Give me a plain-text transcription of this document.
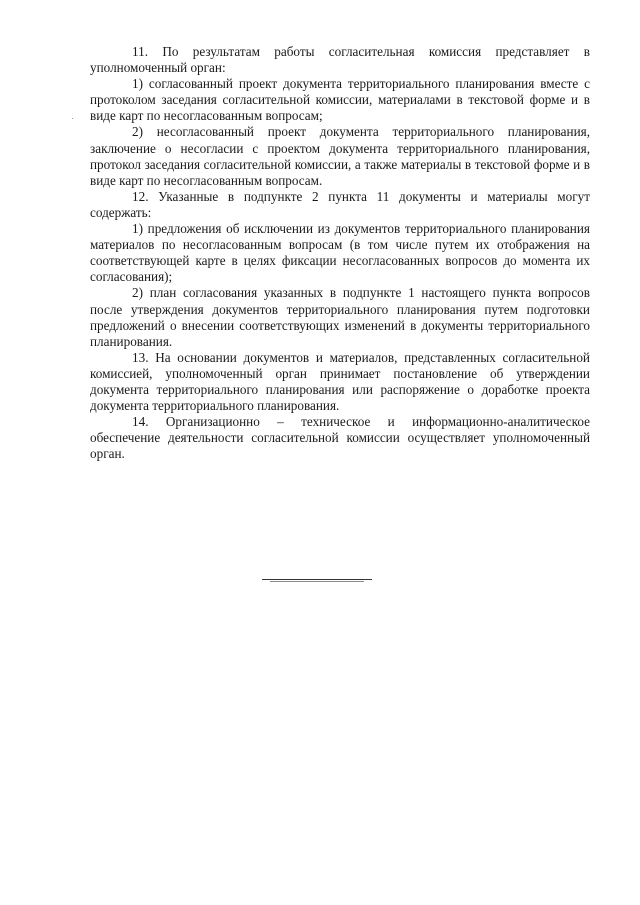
11. По результатам работы согласительная комиссия представляет в уполномоченный орган:

1) согласованный проект документа территориального планирования вместе с протоколом заседания согласительной комиссии, материалами в текстовой форме и в виде карт по несогласованным вопросам;

2) несогласованный проект документа территориального планирования, заключение о несогласии с проектом документа территориального планирования, протокол заседания согласительной комиссии, а также материалы в текстовой форме и в виде карт по несогласованным вопросам.

12. Указанные в подпункте 2 пункта 11 документы и материалы могут содержать:

1) предложения об исключении из документов территориального планирования материалов по несогласованным вопросам (в том числе путем их отображения на соответствующей карте в целях фиксации несогласованных вопросов до момента их согласования);

2) план согласования указанных в подпункте 1 настоящего пункта вопросов после утверждения документов территориального планирования путем подготовки предложений о внесении соответствующих изменений в документы территориального планирования.

13. На основании документов и материалов, представленных согласительной комиссией, уполномоченный орган принимает постановление об утверждении документа территориального планирования или распоряжение о доработке проекта документа территориального планирования.

14. Организационно – техническое и информационно-аналитическое обеспечение деятельности согласительной комиссии осуществляет уполномоченный орган.
